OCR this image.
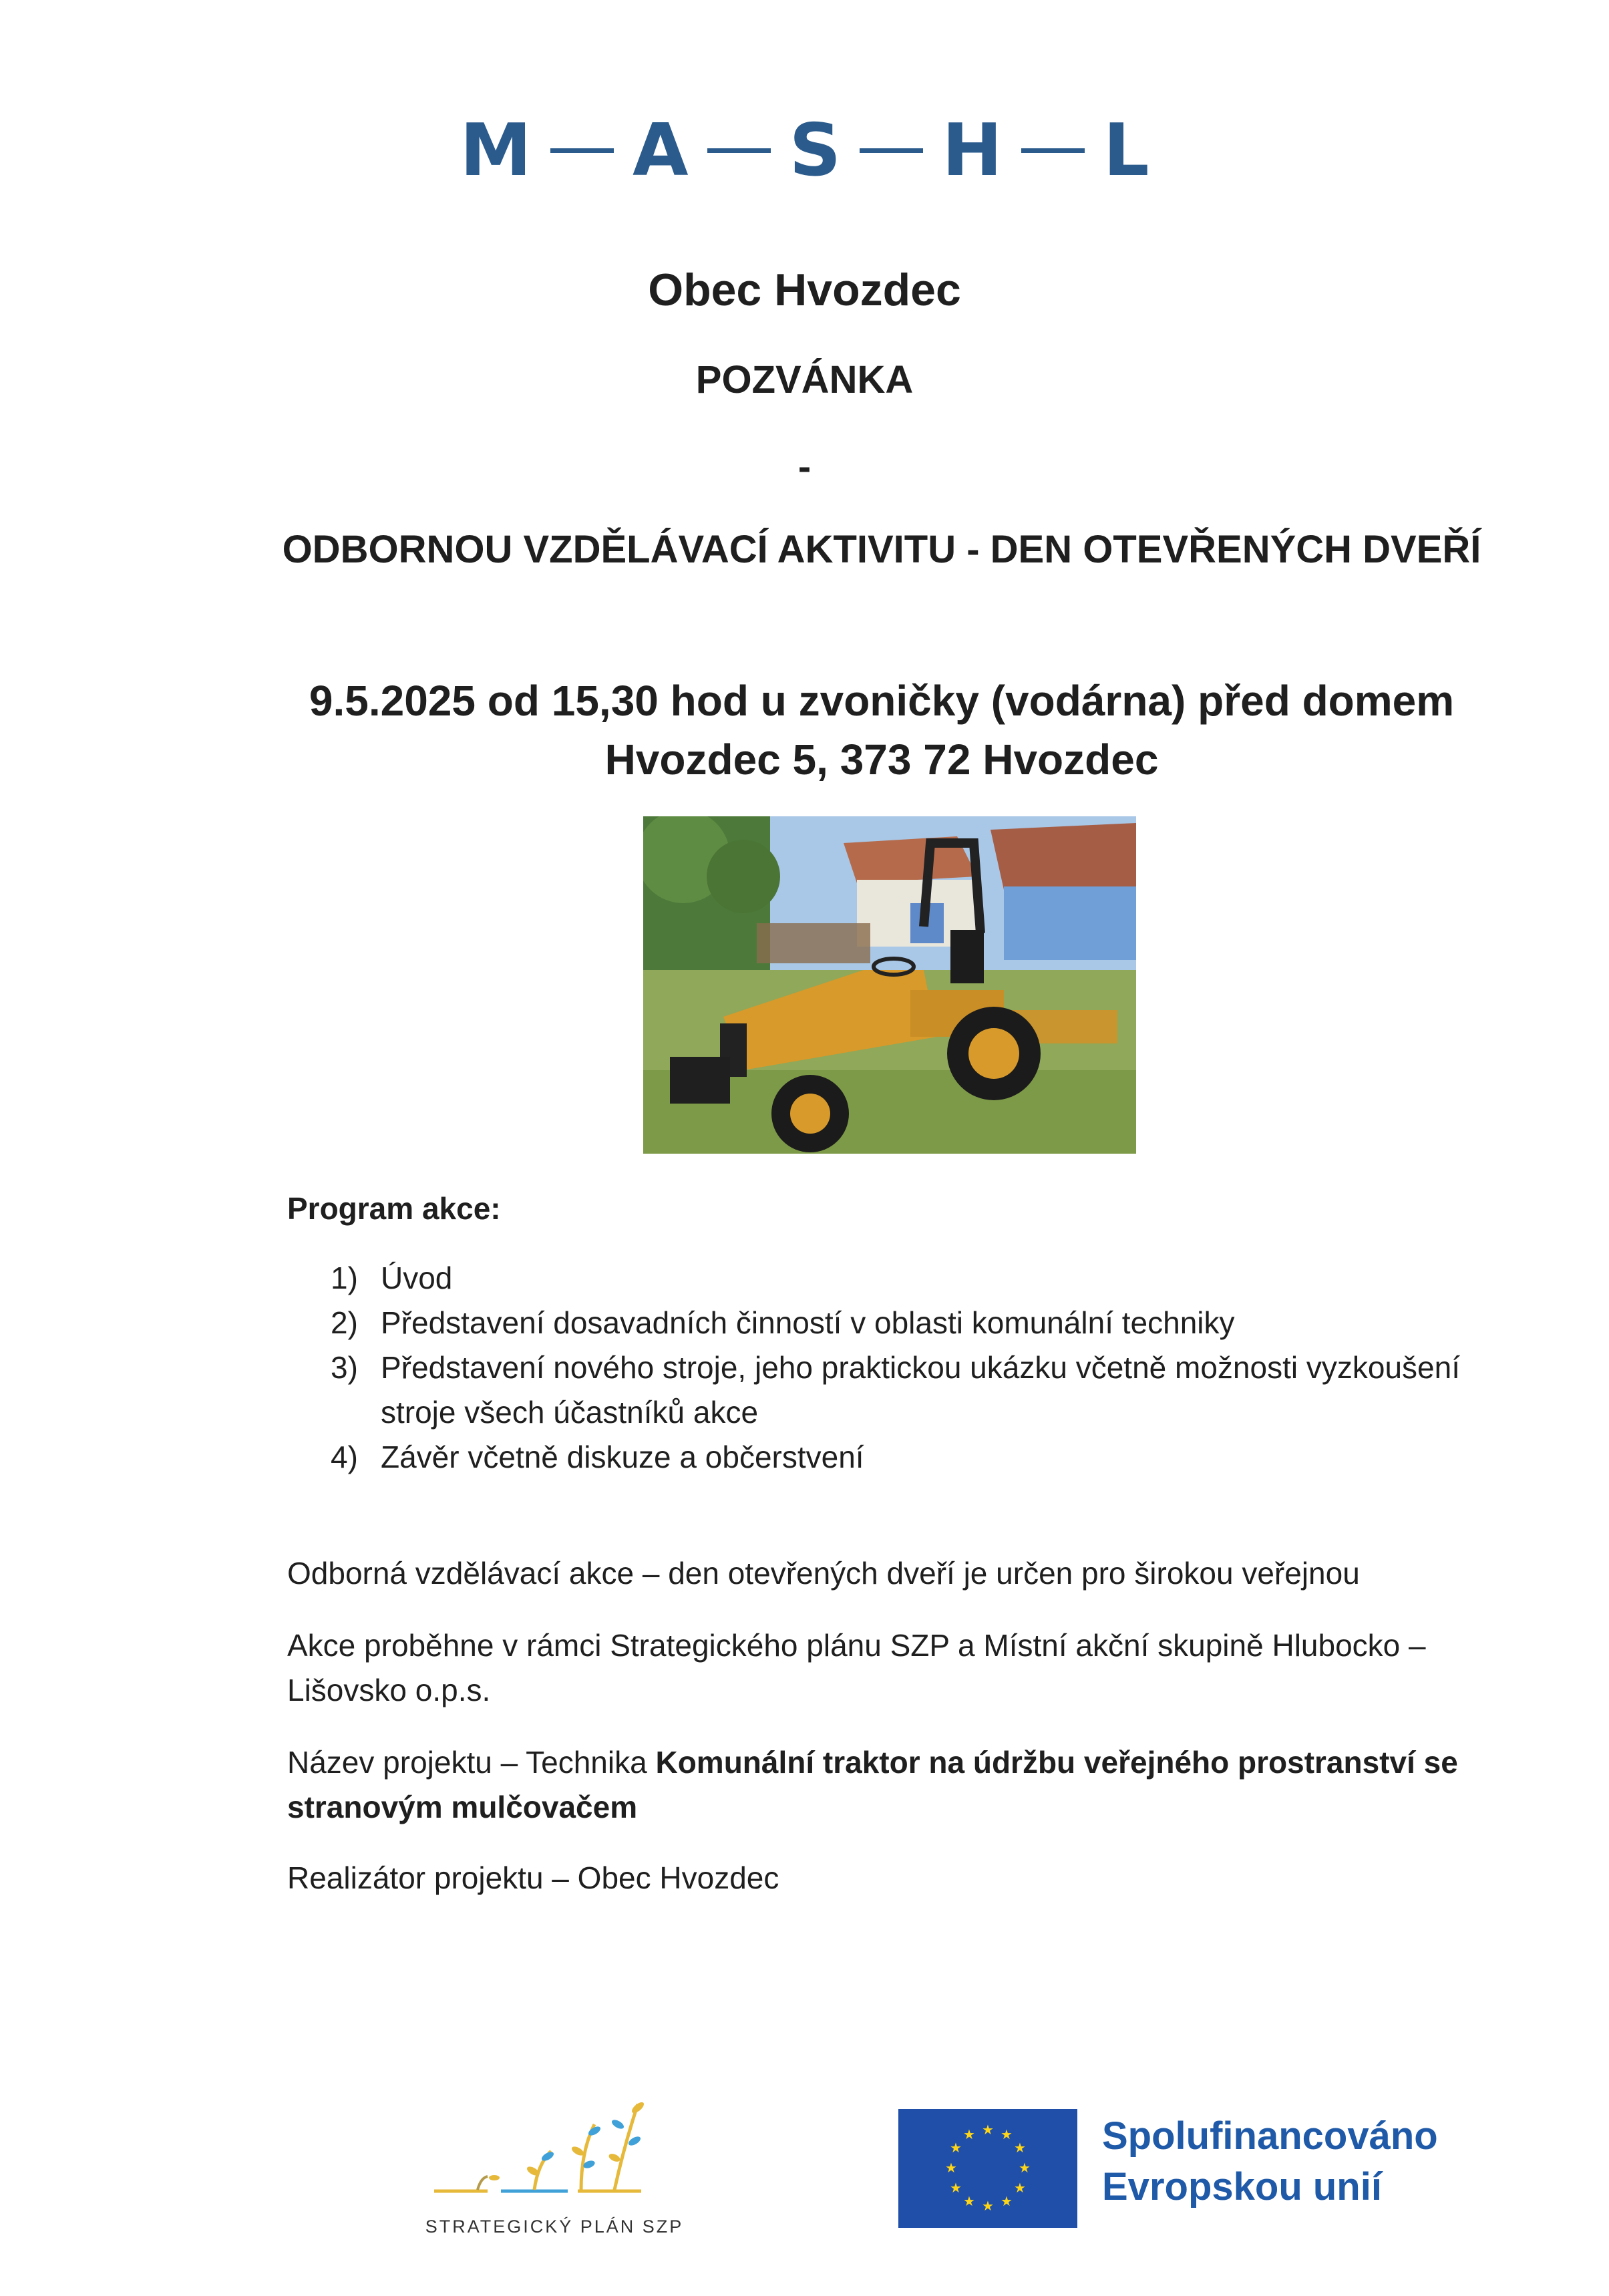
M A S H L
Obec Hvozdec
POZVÁNKA
-
ODBORNOU VZDĚLÁVACÍ AKTIVITU - DEN OTEVŘENÝCH DVEŘÍ
9.5.2025 od 15,30 hod u zvoničky (vodárna) před domem Hvozdec 5, 373 72 Hvozdec
Program akce:
1) Úvod
2) Představení dosavadních činností v oblasti komunální techniky
3) Představení nového stroje, jeho praktickou ukázku včetně možnosti vyzkoušení stroje všech účastníků akce
4) Závěr včetně diskuze a občerstvení
Odborná vzdělávací akce – den otevřených dveří je určen pro širokou veřejnou
Akce proběhne v rámci Strategického plánu SZP a Místní akční skupině Hlubocko – Lišovsko o.p.s.
Název projektu – Technika Komunální traktor na údržbu veřejného prostranství se stranovým mulčovačem
Realizátor projektu – Obec Hvozdec
STRATEGICKÝ PLÁN SZP
★ ★
★
★
★
★
★
★
★
★
★
★	Spolufinancováno
Evropskou unií
